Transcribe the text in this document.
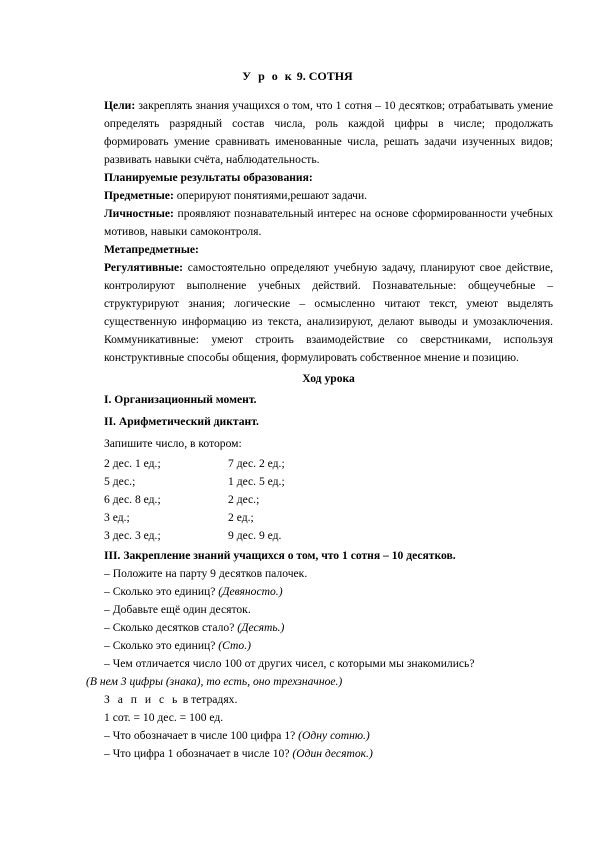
У р о к 9. СОТНЯ

Цели: закреплять знания учащихся о том, что 1 сотня – 10 десятков; отрабатывать умение определять разрядный состав числа, роль каждой цифры в числе; продолжать формировать умение сравнивать именованные числа, решать задачи изученных видов; развивать навыки счёта, наблюдательность.

Планируемые результаты образования:

Предметные: оперируют понятиями,решают задачи.

Личностные: проявляют познавательный интерес на основе сформированности учебных мотивов, навыки самоконтроля.

Метапредметные:

Регулятивные: самостоятельно определяют учебную задачу, планируют свое действие, контролируют выполнение учебных действий. Познавательные: общеучебные – структурируют знания; логические – осмысленно читают текст, умеют выделять существенную информацию из текста, анализируют, делают выводы и умозаключения. Коммуникативные: умеют строить взаимодействие со сверстниками, используя конструктивные способы общения, формулировать собственное мнение и позицию.

Ход урока

I. Организационный момент.

II. Арифметический диктант.

Запишите число, в котором:

2 дес. 1 ед.;	7 дес. 2 ед.;
5 дес.;	1 дес. 5 ед.;
6 дес. 8 ед.;	2 дес.;
3 ед.;	2 ед.;
3 дес. 3 ед.;	9 дес. 9 ед.

III. Закрепление знаний учащихся о том, что 1 сотня – 10 десятков.

– Положите на парту 9 десятков палочек.

– Сколько это единиц? (Девяносто.)

– Добавьте ещё один десяток.

– Сколько десятков стало? (Десять.)

– Сколько это единиц? (Сто.)

– Чем отличается число 100 от других чисел, с которыми мы знакомились?

(В нем 3 цифры (знака), то есть, оно трехзначное.)

З а п и с ь в тетрадях.

1 сот. = 10 дес. = 100 ед.

– Что обозначает в числе 100 цифра 1? (Одну сотню.)

– Что цифра 1 обозначает в числе 10? (Один десяток.)
